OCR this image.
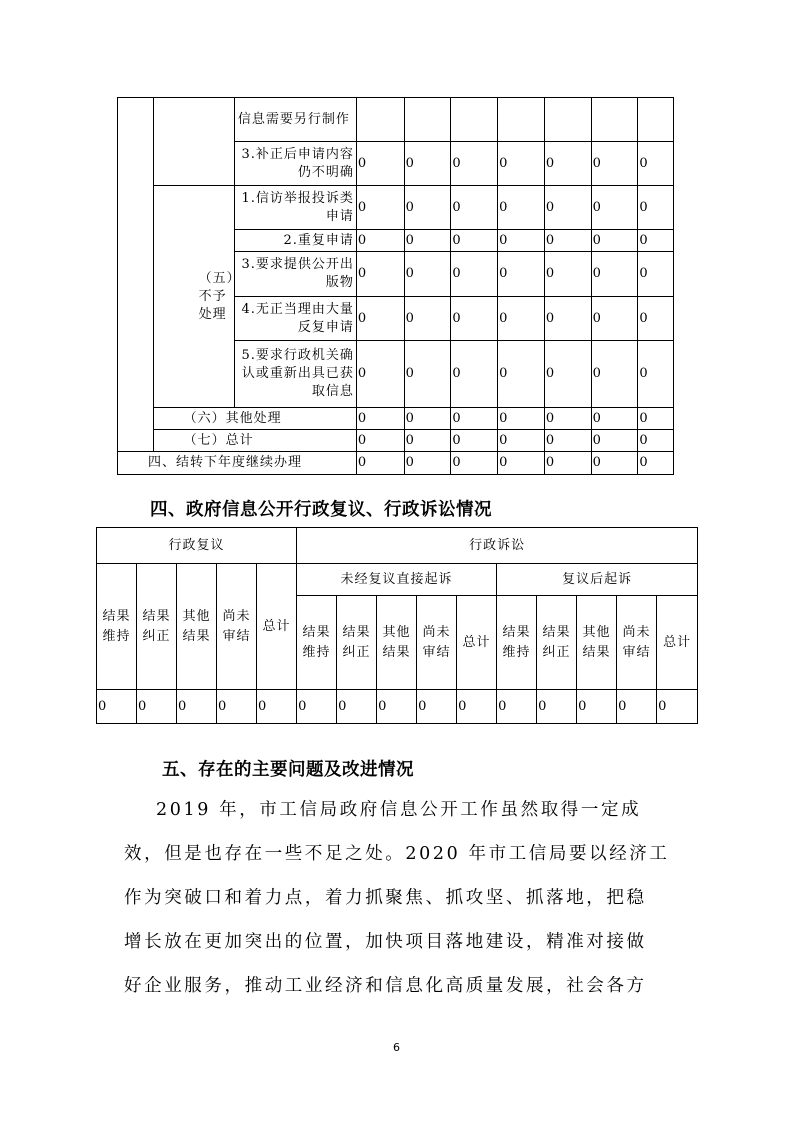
		信息需要另行制作							
		3.补正后申请内容仍不明确	0	0	0	0	0	0	0
	（五）不予处理	1.信访举报投诉类申请	0	0	0	0	0	0	0
		2.重复申请	0	0	0	0	0	0	0
		3.要求提供公开出版物	0	0	0	0	0	0	0
		4.无正当理由大量反复申请	0	0	0	0	0	0	0
		5.要求行政机关确认或重新出具已获取信息	0	0	0	0	0	0	0
	（六）其他处理		0	0	0	0	0	0	0
	（七）总计		0	0	0	0	0	0	0
四、结转下年度继续办理			0	0	0	0	0	0	0
四、政府信息公开行政复议、行政诉讼情况
行政复议					行政诉讼									
结果维持	结果纠正	其他结果	尚未审结	总计	未经复议直接起诉					复议后起诉				
					结果维持	结果纠正	其他结果	尚未审结	总计	结果维持	结果纠正	其他结果	尚未审结	总计
0	0	0	0	0	0	0	0	0	0	0	0	0	0	0
五、存在的主要问题及改进情况
2019 年，市工信局政府信息公开工作虽然取得一定成
效，但是也存在一些不足之处。2020 年市工信局要以经济工
作为突破口和着力点，着力抓聚焦、抓攻坚、抓落地，把稳
增长放在更加突出的位置，加快项目落地建设，精准对接做
好企业服务，推动工业经济和信息化高质量发展，社会各方
6
